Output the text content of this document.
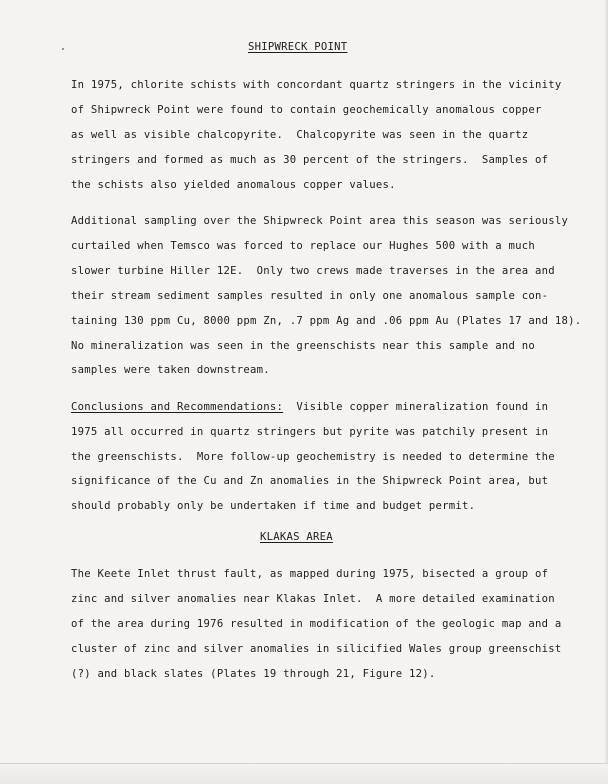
SHIPWRECK POINT
In 1975, chlorite schists with concordant quartz stringers in the vicinity
of Shipwreck Point were found to contain geochemically anomalous copper
as well as visible chalcopyrite.  Chalcopyrite was seen in the quartz
stringers and formed as much as 30 percent of the stringers.  Samples of
the schists also yielded anomalous copper values.
Additional sampling over the Shipwreck Point area this season was seriously
curtailed when Temsco was forced to replace our Hughes 500 with a much
slower turbine Hiller 12E.  Only two crews made traverses in the area and
their stream sediment samples resulted in only one anomalous sample con-
taining 130 ppm Cu, 8000 ppm Zn, .7 ppm Ag and .06 ppm Au (Plates 17 and 18).
No mineralization was seen in the greenschists near this sample and no
samples were taken downstream.
Conclusions and Recommendations:  Visible copper mineralization found in
1975 all occurred in quartz stringers but pyrite was patchily present in
the greenschists.  More follow-up geochemistry is needed to determine the
significance of the Cu and Zn anomalies in the Shipwreck Point area, but
should probably only be undertaken if time and budget permit.
KLAKAS AREA
The Keete Inlet thrust fault, as mapped during 1975, bisected a group of
zinc and silver anomalies near Klakas Inlet.  A more detailed examination
of the area during 1976 resulted in modification of the geologic map and a
cluster of zinc and silver anomalies in silicified Wales group greenschist
(?) and black slates (Plates 19 through 21, Figure 12).
